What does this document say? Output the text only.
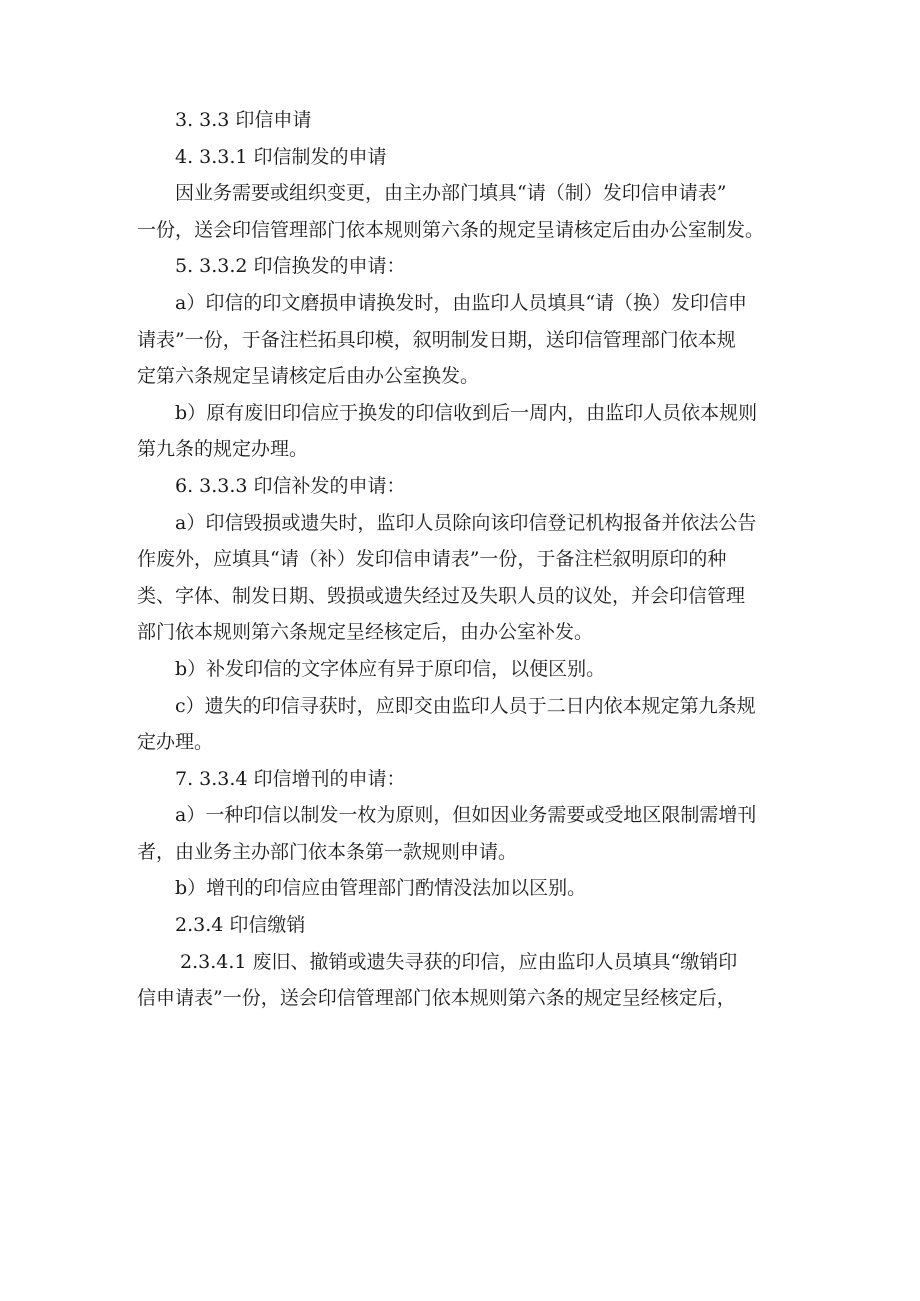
3. 3.3 印信申请
4. 3.3.1 印信制发的申请
因业务需要或组织变更，由主办部门填具“请（制）发印信申请表”
一份，送会印信管理部门依本规则第六条的规定呈请核定后由办公室制发。
5. 3.3.2 印信换发的申请：
a）印信的印文磨损申请换发时，由监印人员填具“请（换）发印信申
请表”一份，于备注栏拓具印模，叙明制发日期，送印信管理部门依本规
定第六条规定呈请核定后由办公室换发。
b）原有废旧印信应于换发的印信收到后一周内，由监印人员依本规则
第九条的规定办理。
6. 3.3.3 印信补发的申请：
a）印信毁损或遗失时，监印人员除向该印信登记机构报备并依法公告
作废外，应填具“请（补）发印信申请表”一份，于备注栏叙明原印的种
类、字体、制发日期、毁损或遗失经过及失职人员的议处，并会印信管理
部门依本规则第六条规定呈经核定后，由办公室补发。
b）补发印信的文字体应有异于原印信，以便区别。
c）遗失的印信寻获时，应即交由监印人员于二日内依本规定第九条规
定办理。
7. 3.3.4 印信增刊的申请：
a）一种印信以制发一枚为原则，但如因业务需要或受地区限制需增刊
者，由业务主办部门依本条第一款规则申请。
b）增刊的印信应由管理部门酌情没法加以区别。
2.3.4 印信缴销
2.3.4.1 废旧、撤销或遗失寻获的印信，应由监印人员填具“缴销印
信申请表”一份，送会印信管理部门依本规则第六条的规定呈经核定后，
